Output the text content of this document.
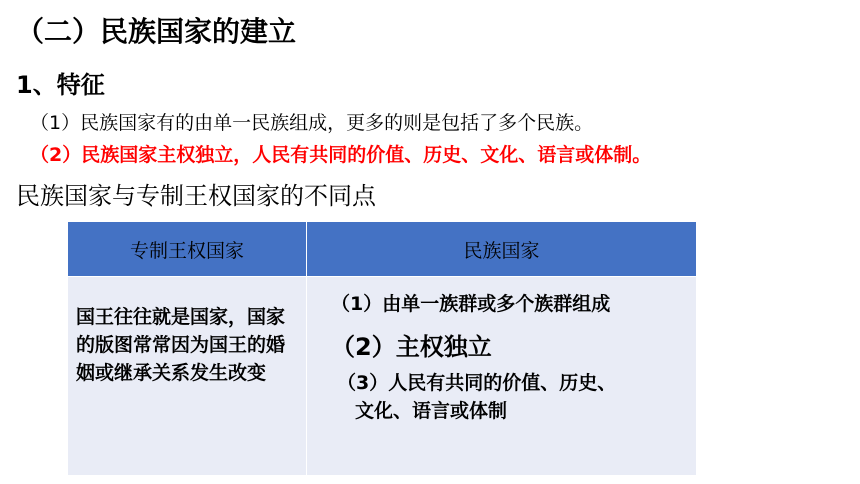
（二）民族国家的建立
1、特征
（1）民族国家有的由单一民族组成，更多的则是包括了多个民族。
（2）民族国家主权独立，人民有共同的价值、历史、文化、语言或体制。
民族国家与专制王权国家的不同点
专制王权国家	民族国家
国王往往就是国家，国家的版图常常因为国王的婚姻或继承关系发生改变
（1）由单一族群或多个族群组成
（2）主权独立
（3）人民有共同的价值、历史、
文化、语言或体制
